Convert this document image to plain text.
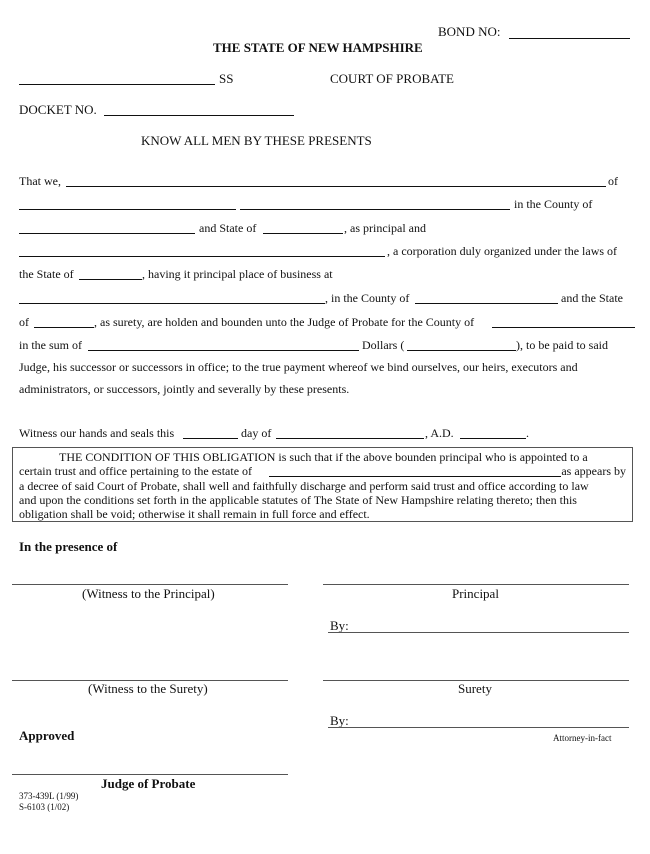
BOND NO:
THE STATE OF NEW HAMPSHIRE
SS	COURT OF PROBATE
DOCKET NO.
KNOW ALL MEN BY THESE PRESENTS
That we,	of
in the County of
and State of	, as principal and
, a corporation duly organized under the laws of
the State of	, having it principal place of business at
, in the County of	and the State
of	, as surety, are holden and bounden unto the Judge of Probate for the County of
in the sum of	Dollars (	), to be paid to said
Judge, his successor or successors in office; to the true payment whereof we bind ourselves, our heirs, executors and
administrators, or successors, jointly and severally by these presents.
Witness our hands and seals this	day of	, A.D.	.
THE CONDITION OF THIS OBLIGATION is such that if the above bounden principal who is appointed to a
certain trust and office pertaining to the estate of	as appears by
a decree of said Court of Probate, shall well and faithfully discharge and perform said trust and office according to law
and upon the conditions set forth in the applicable statutes of The State of New Hampshire relating thereto; then this
obligation shall be void; otherwise it shall remain in full force and effect.
In the presence of
(Witness to the Principal)	Principal
By:
(Witness to the Surety)	Surety
By:
Approved	Attorney-in-fact
Judge of Probate
373-439L (1/99)
S-6103 (1/02)
